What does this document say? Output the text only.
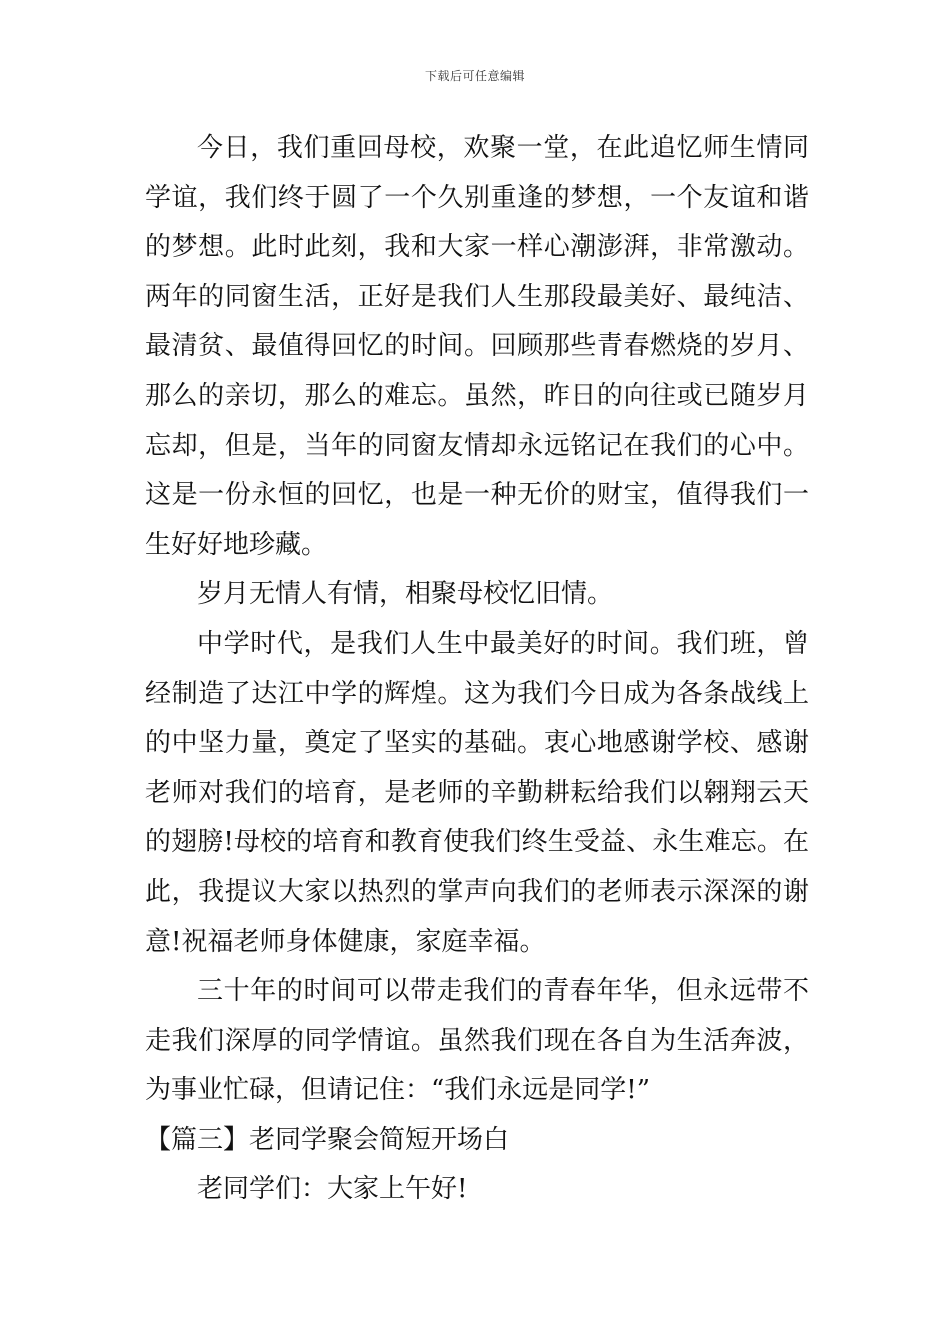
下载后可任意编辑

今日，我们重回母校，欢聚一堂，在此追忆师生情同学谊，我们终于圆了一个久别重逢的梦想，一个友谊和谐的梦想。此时此刻，我和大家一样心潮澎湃，非常激动。两年的同窗生活，正好是我们人生那段最美好、最纯洁、最清贫、最值得回忆的时间。回顾那些青春燃烧的岁月、那么的亲切，那么的难忘。虽然，昨日的向往或已随岁月忘却，但是，当年的同窗友情却永远铭记在我们的心中。这是一份永恒的回忆，也是一种无价的财宝，值得我们一生好好地珍藏。

岁月无情人有情，相聚母校忆旧情。

中学时代，是我们人生中最美好的时间。我们班，曾经制造了达江中学的辉煌。这为我们今日成为各条战线上的中坚力量，奠定了坚实的基础。衷心地感谢学校、感谢老师对我们的培育，是老师的辛勤耕耘给我们以翱翔云天的翅膀!母校的培育和教育使我们终生受益、永生难忘。在此，我提议大家以热烈的掌声向我们的老师表示深深的谢意!祝福老师身体健康，家庭幸福。

三十年的时间可以带走我们的青春年华，但永远带不走我们深厚的同学情谊。虽然我们现在各自为生活奔波，为事业忙碌，但请记住：“我们永远是同学!”

【篇三】老同学聚会简短开场白

老同学们：大家上午好!
